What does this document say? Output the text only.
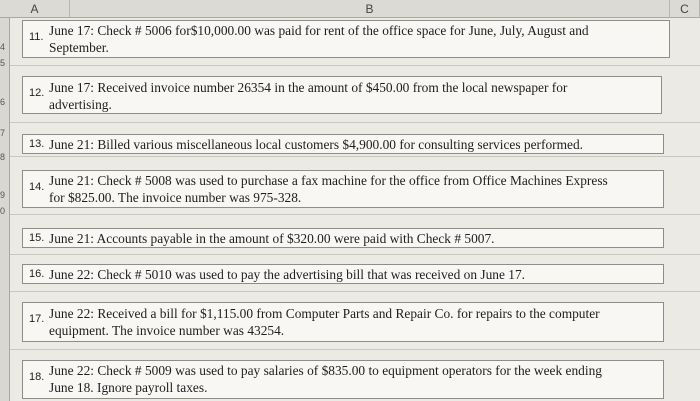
A	B	C
4
5
6
7
8
9
0
11. June 17: Check # 5006 for$10,000.00 was paid for rent of the office space for June, July, August and
September.
12. June 17: Received invoice number 26354 in the amount of $450.00 from the local newspaper for
advertising.
13. June 21: Billed various miscellaneous local customers $4,900.00 for consulting services performed.
14. June 21: Check # 5008 was used to purchase a fax machine for the office from Office Machines Express
for $825.00. The invoice number was 975-328.
15. June 21: Accounts payable in the amount of $320.00 were paid with Check # 5007.
16. June 22: Check # 5010 was used to pay the advertising bill that was received on June 17.
17. June 22: Received a bill for $1,115.00 from Computer Parts and Repair Co. for repairs to the computer
equipment. The invoice number was 43254.
18. June 22: Check # 5009 was used to pay salaries of $835.00 to equipment operators for the week ending
June 18. Ignore payroll taxes.
